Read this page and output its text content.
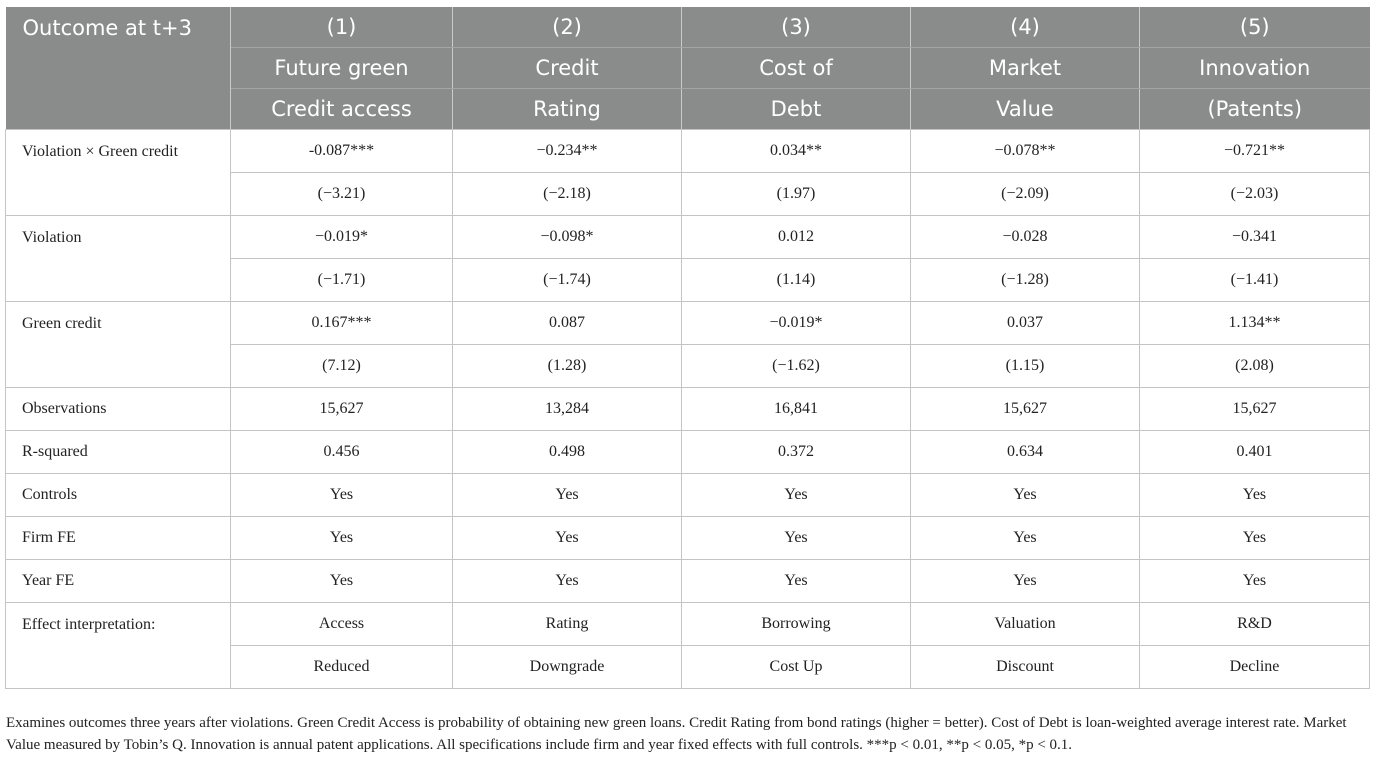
Outcome at t+3	(1)	(2)	(3)	(4)	(5)
	Future green	Credit	Cost of	Market	Innovation
	Credit access	Rating	Debt	Value	(Patents)
Violation × Green credit	-0.087***	−0.234**	0.034**	−0.078**	−0.721**
	(−3.21)	(−2.18)	(1.97)	(−2.09)	(−2.03)
Violation	−0.019*	−0.098*	0.012	−0.028	−0.341
	(−1.71)	(−1.74)	(1.14)	(−1.28)	(−1.41)
Green credit	0.167***	0.087	−0.019*	0.037	1.134**
	(7.12)	(1.28)	(−1.62)	(1.15)	(2.08)
Observations	15,627	13,284	16,841	15,627	15,627
R-squared	0.456	0.498	0.372	0.634	0.401
Controls	Yes	Yes	Yes	Yes	Yes
Firm FE	Yes	Yes	Yes	Yes	Yes
Year FE	Yes	Yes	Yes	Yes	Yes
Effect interpretation:	Access	Rating	Borrowing	Valuation	R&D
	Reduced	Downgrade	Cost Up	Discount	Decline

Examines outcomes three years after violations. Green Credit Access is probability of obtaining new green loans. Credit Rating from bond ratings (higher = better). Cost of Debt is loan-weighted average interest rate. Market Value measured by Tobin’s Q. Innovation is annual patent applications. All specifications include firm and year fixed effects with full controls. ***p < 0.01, **p < 0.05, *p < 0.1.
